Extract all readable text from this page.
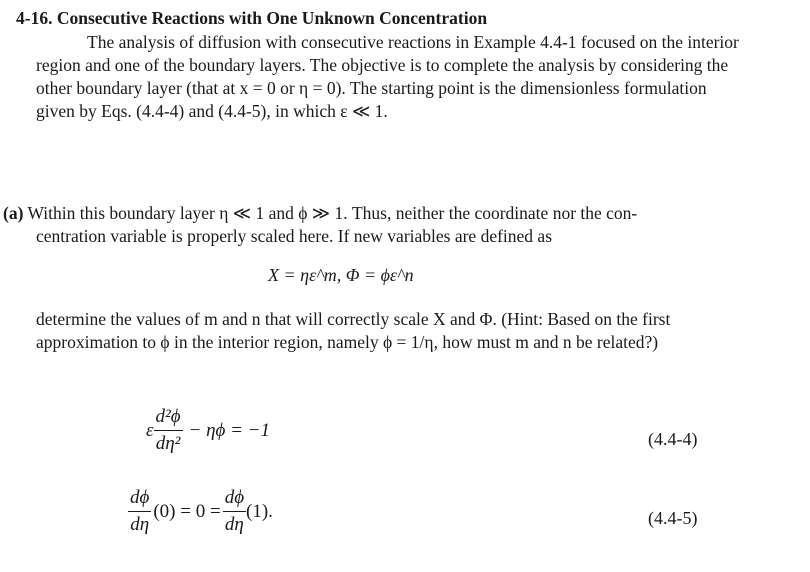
4-16. Consecutive Reactions with One Unknown Concentration
The analysis of diffusion with consecutive reactions in Example 4.4-1 focused on the interior
region and one of the boundary layers. The objective is to complete the analysis by considering the
other boundary layer (that at x = 0 or η = 0). The starting point is the dimensionless formulation
given by Eqs. (4.4-4) and (4.4-5), in which ε ≪ 1.
(a) Within this boundary layer η ≪ 1 and ϕ ≫ 1. Thus, neither the coordinate nor the con-
centration variable is properly scaled here. If new variables are defined as
X = ηε^m, Φ = ϕε^n
determine the values of m and n that will correctly scale X and Φ. (Hint: Based on the first
approximation to ϕ in the interior region, namely ϕ = 1/η, how must m and n be related?)
ε $\frac{\text{d²ϕ}}{\text{dη²}} - \eta\phi = -1$	(4.4-4)
$\frac{d\phi}{d\eta} (0) = 0 = \frac{d\phi}{d\eta} (1)$.	(4.4-5)
